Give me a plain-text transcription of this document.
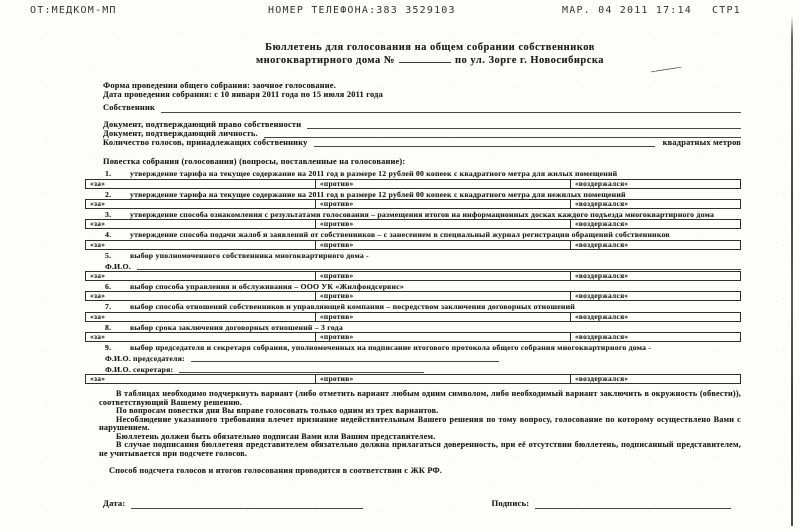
ОТ:МЕДКОМ-МП	НОМЕР ТЕЛЕФОНА:383 3529103	МАР. 04 2011 17:14 СТР1
Бюллетень для голосования на общем собрании собственников
многоквартирного дома №	по ул. Зорге г. Новосибирска
Форма проведения общего собрания: заочное голосование.
Дата проведения собрания: с 10 января 2011 года по 15 июля 2011 года
Собственник
Документ, подтверждающий право собственности
Документ, подтверждающий личность.
Количество голосов, принадлежащих собственнику	квадратных метров
Повестка собрания (голосования) (вопросы, поставленные на голосование):
1.	утверждение тарифа на текущее содержание на 2011 год в размере 12 рублей 00 копеек с квадратного метра для жилых помещений
«за»	«против»	«воздержался»
2.	утверждение тарифа на текущее содержание на 2011 год в размере 12 рублей 00 копеек с квадратного метра для нежилых помещений
«за»	«против»	«воздержался»
3.	утверждение способа ознакомления с результатами голосования – размещения итогов на информационных досках каждого подъезда многоквартирного дома
«за»	«против»	«воздержался»
4.	утверждение способа подачи жалоб и заявлений от собственников – с занесением в специальный журнал регистрации обращений собственников
«за»	«против»	«воздержался»
5.	выбор уполномоченного собственника многоквартирного дома -
Ф.И.О.
«за»	«против»	«воздержался»
6.	выбор способа управления и обслуживания – ООО УК «Жилфондсервис»
«за»	«против»	«воздержался»
7.	выбор способа отношений собственников и управляющей компании – посредством заключения договорных отношений
«за»	«против»	«воздержался»
8.	выбор срока заключения договорных отношений – 3 года
«за»	«против»	«воздержался»
9.	выбор председателя и секретаря собрания, уполномоченных на подписание итогового протокола общего собрания многоквартирного дома -
Ф.И.О. председателя:
Ф.И.О. секретаря:
«за»	«против»	«воздержался»

В таблицах необходимо подчеркнуть вариант (либо отметить вариант любым одним символом, либо необходимый вариант заключить в окружность (обвести)), соответствующий Вашему решению.

По вопросам повестки дня Вы вправе голосовать только одним из трех вариантов.

Несоблюдение указанного требования влечет признание недействительным Вашего решения по тому вопросу, голосование по которому осуществлено Вами с нарушением.

Бюллетень должен быть обязательно подписан Вами или Вашим представителем.

В случае подписания бюллетеня представителем обязательно должна прилагаться доверенность, при её отсутствии бюллетень, подписанный представителем, не учитывается при подсчете голосов.

Способ подсчета голосов и итогов голосования проводится в соответствии с ЖК РФ.
Дата:	Подпись:
